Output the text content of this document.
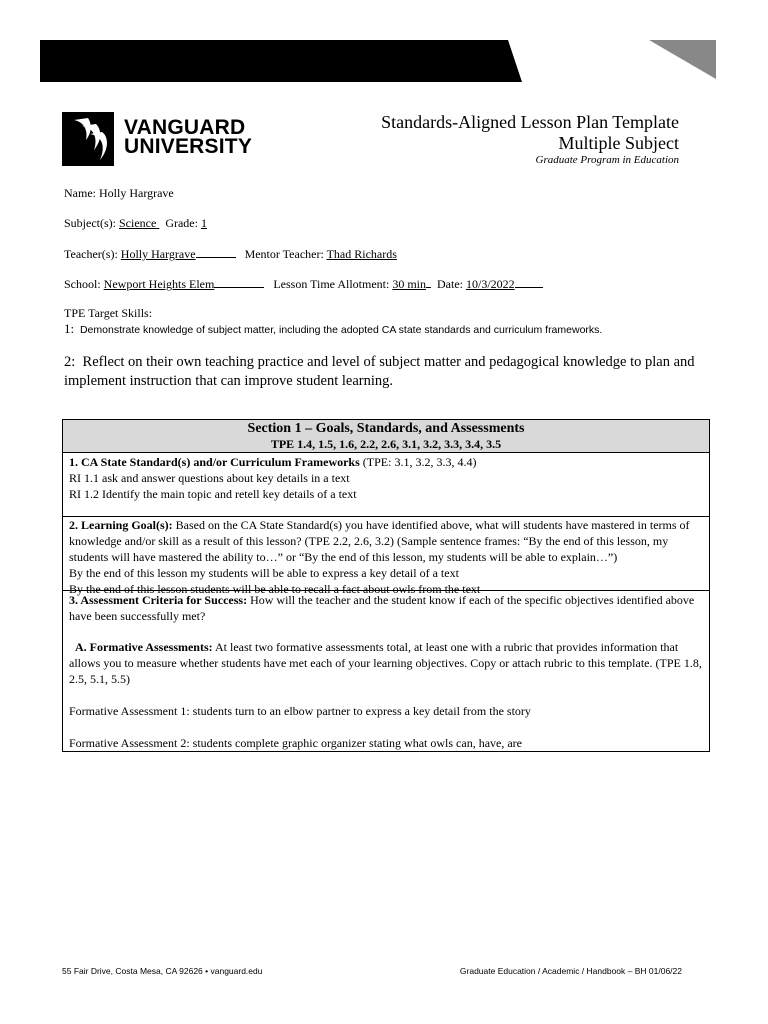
VANGUARD
UNIVERSITY
Standards-Aligned Lesson Plan Template
Multiple Subject
Graduate Program in Education
Name: Holly Hargrave
Subject(s): Science Grade: 1
Teacher(s): Holly Hargrave	Mentor Teacher: Thad Richards
School: Newport Heights Elem	Lesson Time Allotment: 30 min Date: 10/3/2022
TPE Target Skills:
1: Demonstrate knowledge of subject matter, including the adopted CA state standards and curriculum frameworks.
2: Reflect on their own teaching practice and level of subject matter and pedagogical knowledge to plan and implement instruction that can improve student learning.
Section 1 – Goals, Standards, and Assessments
TPE 1.4, 1.5, 1.6, 2.2, 2.6, 3.1, 3.2, 3.3, 3.4, 3.5

1. CA State Standard(s) and/or Curriculum Frameworks (TPE: 3.1, 3.2, 3.3, 4.4)

RI 1.1 ask and answer questions about key details in a text

RI 1.2 Identify the main topic and retell key details of a text

2. Learning Goal(s): Based on the CA State Standard(s) you have identified above, what will students have mastered in terms of knowledge and/or skill as a result of this lesson? (TPE 2.2, 2.6, 3.2) (Sample sentence frames: “By the end of this lesson, my students will have mastered the ability to…” or “By the end of this lesson, my students will be able to explain…”)

By the end of this lesson my students will be able to express a key detail of a text

By the end of this lesson students will be able to recall a fact about owls from the text

3. Assessment Criteria for Success: How will the teacher and the student know if each of the specific objectives identified above have been successfully met?

A. Formative Assessments: At least two formative assessments total, at least one with a rubric that provides information that allows you to measure whether students have met each of your learning objectives. Copy or attach rubric to this template. (TPE 1.8, 2.5, 5.1, 5.5)

Formative Assessment 1: students turn to an elbow partner to express a key detail from the story

Formative Assessment 2: students complete graphic organizer stating what owls can, have, are

55 Fair Drive, Costa Mesa, CA 92626 • vanguard.edu	Graduate Education / Academic / Handbook – BH 01/06/22
